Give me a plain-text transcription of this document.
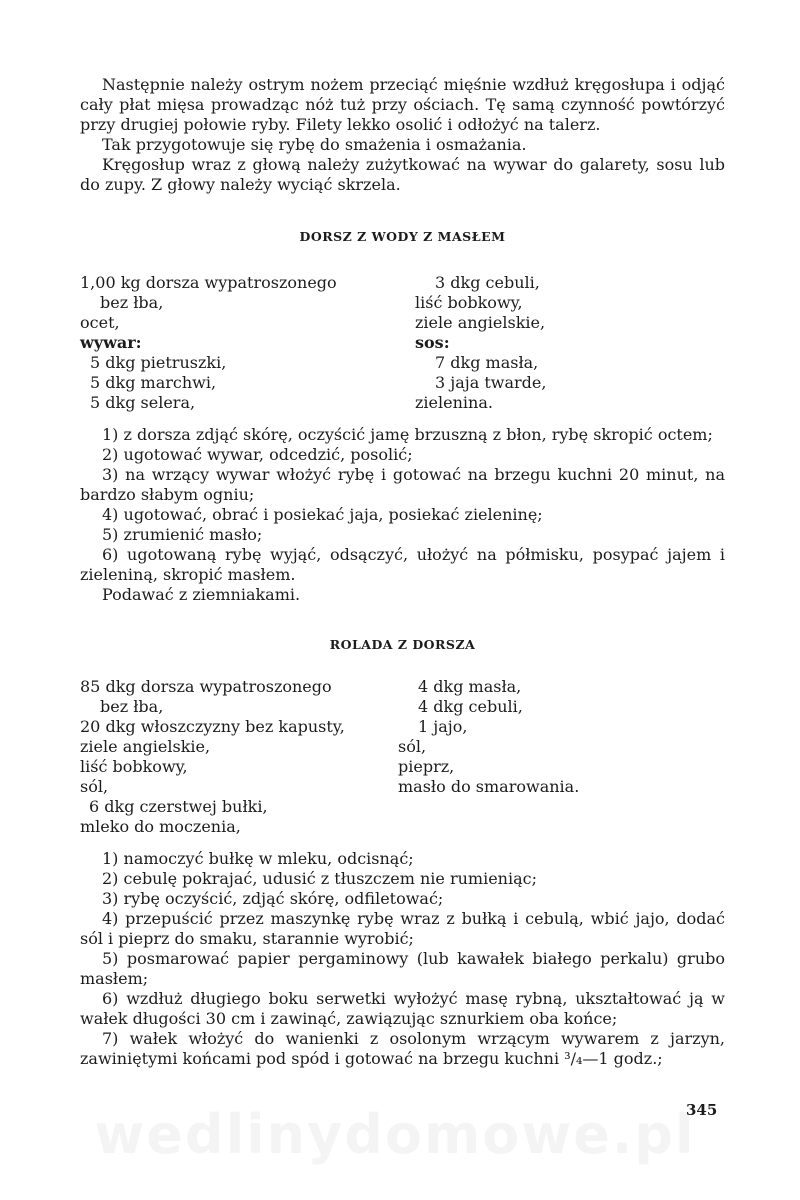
Następnie należy ostrym nożem przeciąć mięśnie wzdłuż kręgosłupa i odjąć cały płat mięsa prowadząc nóż tuż przy ościach. Tę samą czynność powtórzyć przy drugiej połowie ryby. Filety lekko osolić i odłożyć na talerz.

Tak przygotowuje się rybę do smażenia i osmażania.

Kręgosłup wraz z głową należy zużytkować na wywar do galarety, sosu lub do zupy. Z głowy należy wyciąć skrzela.

DORSZ Z WODY Z MASŁEM
1,00 kg dorsza wypatroszonego
bez łba,
ocet,
wywar:
5 dkg pietruszki,
5 dkg marchwi,
5 dkg selera,
3 dkg cebuli,
liść bobkowy,
ziele angielskie,
sos:
7 dkg masła,
3 jaja twarde,
zielenina.

1) z dorsza zdjąć skórę, oczyścić jamę brzuszną z błon, rybę skropić octem;

2) ugotować wywar, odcedzić, posolić;

3) na wrzący wywar włożyć rybę i gotować na brzegu kuchni 20 minut, na bardzo słabym ogniu;

4) ugotować, obrać i posiekać jaja, posiekać zieleninę;

5) zrumienić masło;

6) ugotowaną rybę wyjąć, odsączyć, ułożyć na półmisku, posypać jajem i zieleniną, skropić masłem.

Podawać z ziemniakami.

ROLADA Z DORSZA
85 dkg dorsza wypatroszonego
bez łba,
20 dkg włoszczyzny bez kapusty,
ziele angielskie,
liść bobkowy,
sól,
6 dkg czerstwej bułki,
mleko do moczenia,
4 dkg masła,
4 dkg cebuli,
1 jajo,
sól,
pieprz,
masło do smarowania.

1) namoczyć bułkę w mleku, odcisnąć;

2) cebulę pokrajać, udusić z tłuszczem nie rumieniąc;

3) rybę oczyścić, zdjąć skórę, odfiletować;

4) przepuścić przez maszynkę rybę wraz z bułką i cebulą, wbić jajo, dodać sól i pieprz do smaku, starannie wyrobić;

5) posmarować papier pergaminowy (lub kawałek białego perkalu) grubo masłem;

6) wzdłuż długiego boku serwetki wyłożyć masę rybną, ukształtować ją w wałek długości 30 cm i zawinąć, zawiązując sznurkiem oba końce;

7) wałek włożyć do wanienki z osolonym wrzącym wywarem z jarzyn, zawiniętymi końcami pod spód i gotować na brzegu kuchni ³/₄—1 godz.;

345
